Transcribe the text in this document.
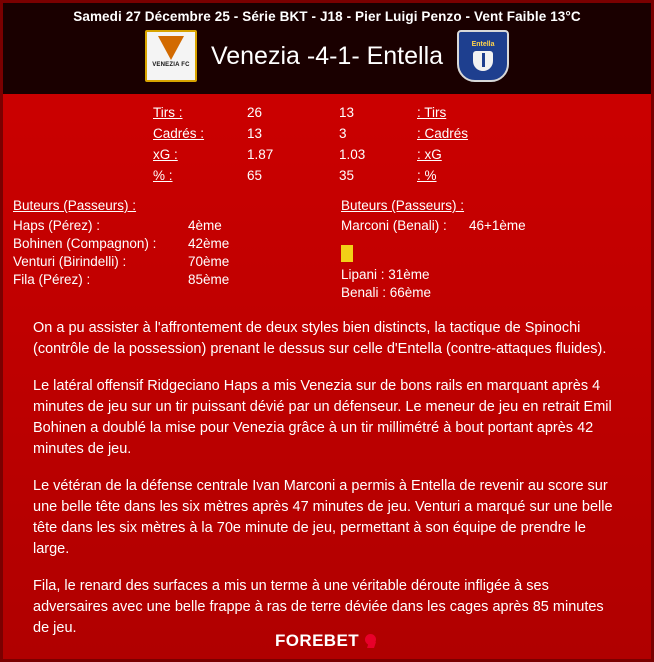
Samedi 27 Décembre 25 - Série BKT - J18 - Pier Luigi Penzo - Vent Faible 13°C
VENEZIA FC Venezia -4-1- Entella	Entella
Tirs :	26	13	: Tirs
Cadrés :	13	3	: Cadrés
xG :	1.87	1.03	: xG
% :	65	35	: %
Buteurs (Passeurs) :
Haps (Pérez) :	4ème
Bohinen (Compagnon) :	42ème
Venturi (Birindelli) :	70ème
Fila (Pérez) :	85ème
Buteurs (Passeurs) :
Marconi (Benali) :	46+1ème
Lipani : 31ème
Benali : 66ème

On a pu assister à l'affrontement de deux styles bien distincts, la tactique de Spinochi (contrôle de la possession) prenant le dessus sur celle d'Entella (contre-attaques fluides).

Le latéral offensif Ridgeciano Haps a mis Venezia sur de bons rails en marquant après 4 minutes de jeu sur un tir puissant dévié par un défenseur. Le meneur de jeu en retrait Emil Bohinen a doublé la mise pour Venezia grâce à un tir millimétré à bout portant après 42 minutes de jeu.

Le vétéran de la défense centrale Ivan Marconi a permis à Entella de revenir au score sur une belle tête dans les six mètres après 47 minutes de jeu. Venturi a marqué sur une belle tête dans les six mètres à la 70e minute de jeu, permettant à son équipe de prendre le large.

Fila, le renard des surfaces a mis un terme à une véritable déroute infligée à ses adversaires avec une belle frappe à ras de terre déviée dans les cages après 85 minutes de jeu.

FOREBET
